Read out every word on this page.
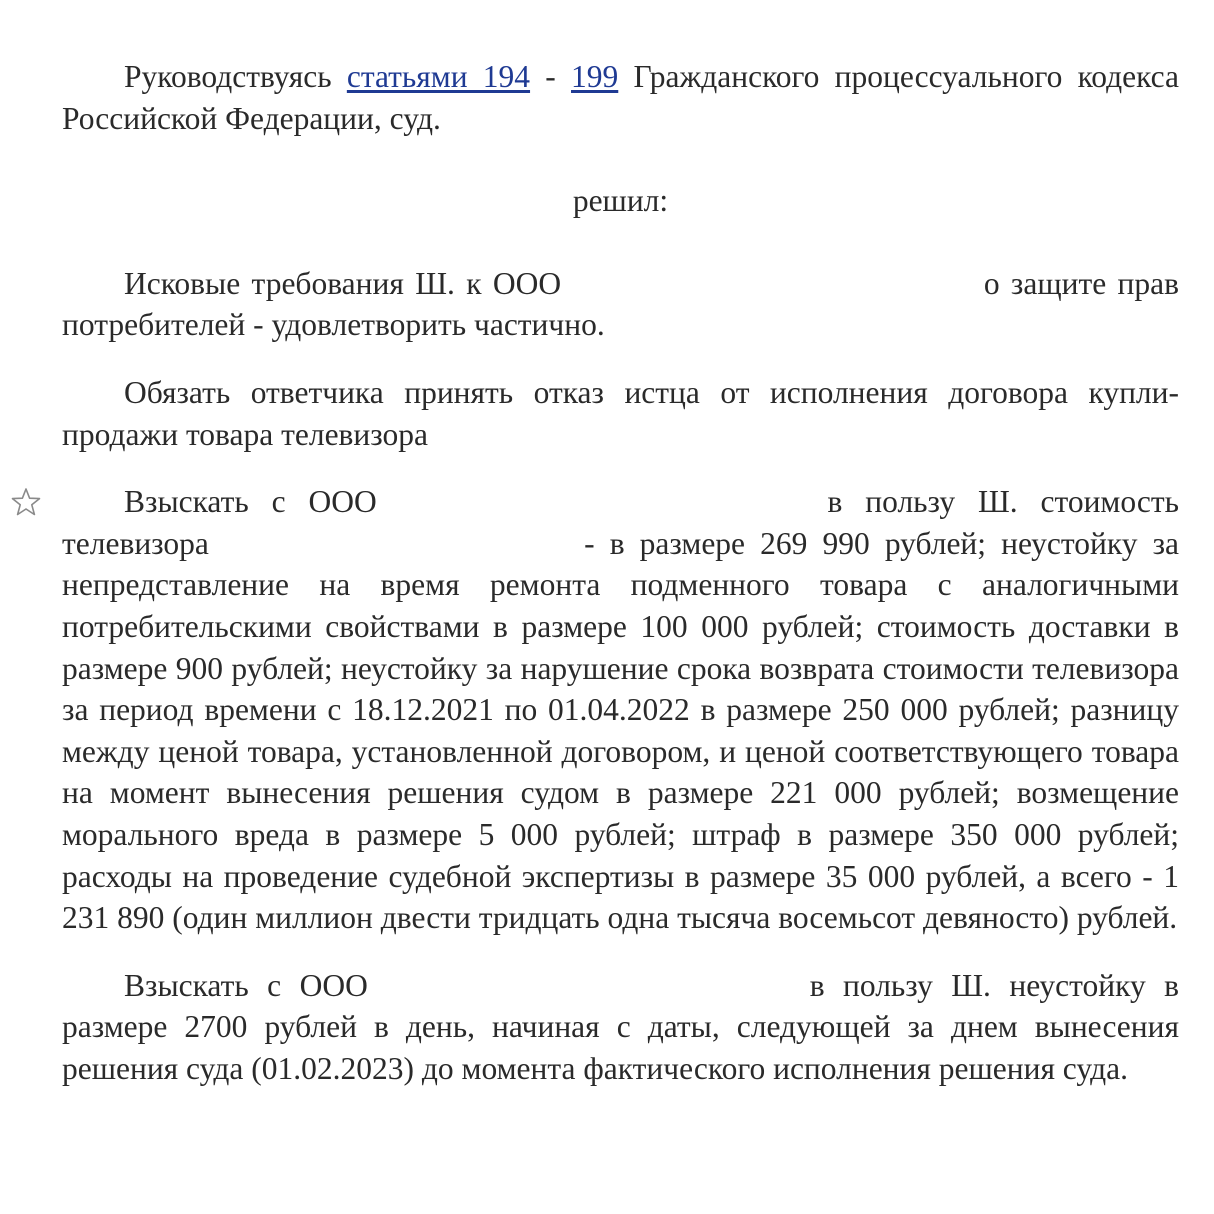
Руководствуясь статьями 194 - 199 Гражданского процессуального кодекса Российской Федерации, суд.

решил:

Исковые требования Ш. к ООО	о защите прав потребителей - удовлетворить частично.

Обязать ответчика принять отказ истца от исполнения договора купли-продажи товара телевизора

Взыскать с ООО	в пользу Ш. стоимость телевизора	- в размере 269 990 рублей; неустойку за непредставление на время ремонта подменного товара с аналогичными потребительскими свойствами в размере 100 000 рублей; стоимость доставки в размере 900 рублей; неустойку за нарушение срока возврата стоимости телевизора за период времени с 18.12.2021 по 01.04.2022 в размере 250 000 рублей; разницу между ценой товара, установленной договором, и ценой соответствующего товара на момент вынесения решения судом в размере 221 000 рублей; возмещение морального вреда в размере 5 000 рублей; штраф в размере 350 000 рублей; расходы на проведение судебной экспертизы в размере 35 000 рублей, а всего - 1 231 890 (один миллион двести тридцать одна тысяча восемьсот девяносто) рублей.

Взыскать с ООО	в пользу Ш. неустойку в размере 2700 рублей в день, начиная с даты, следующей за днем вынесения решения суда (01.02.2023) до момента фактического исполнения решения суда.
